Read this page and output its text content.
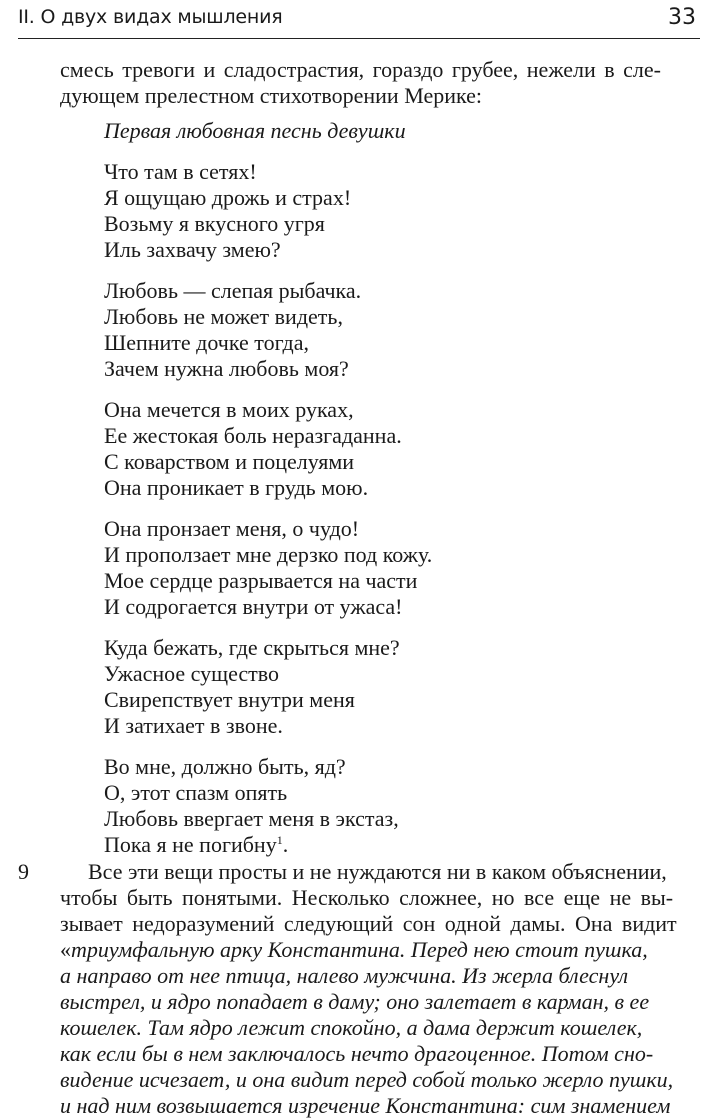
II. О двух видах мышления	33
смесь тревоги и сладострастия, гораздо грубее, нежели в сле-
дующем прелестном стихотворении Мерике:
Первая любовная песнь девушки
Что там в сетях!
Я ощущаю дрожь и страх!
Возьму я вкусного угря
Иль захвачу змею?
Любовь — слепая рыбачка.
Любовь не может видеть,
Шепните дочке тогда,
Зачем нужна любовь моя?
Она мечется в моих руках,
Ее жестокая боль неразгаданна.
С коварством и поцелуями
Она проникает в грудь мою.
Она пронзает меня, о чудо!
И проползает мне дерзко под кожу.
Мое сердце разрывается на части
И содрогается внутри от ужаса!
Куда бежать, где скрыться мне?
Ужасное существо
Свирепствует внутри меня
И затихает в звоне.
Во мне, должно быть, яд?
О, этот спазм опять
Любовь ввергает меня в экстаз,
Пока я не погибну$^1$.
9	Все эти вещи просты и не нуждаются ни в каком объяснении,
чтобы быть понятыми. Несколько сложнее, но все еще не вы-
зывает недоразумений следующий сон одной дамы. Она видит
«триумфальную арку Константина. Перед нею стоит пушка,
а направо от нее птица, налево мужчина. Из жерла блеснул
выстрел, и ядро попадает в даму; оно залетает в карман, в ее
кошелек. Там ядро лежит спокойно, а дама держит кошелек,
как если бы в нем заключалось нечто драгоценное. Потом сно-
видение исчезает, и она видит перед собой только жерло пушки,
и над ним возвышается изречение Константина: сим знамением
